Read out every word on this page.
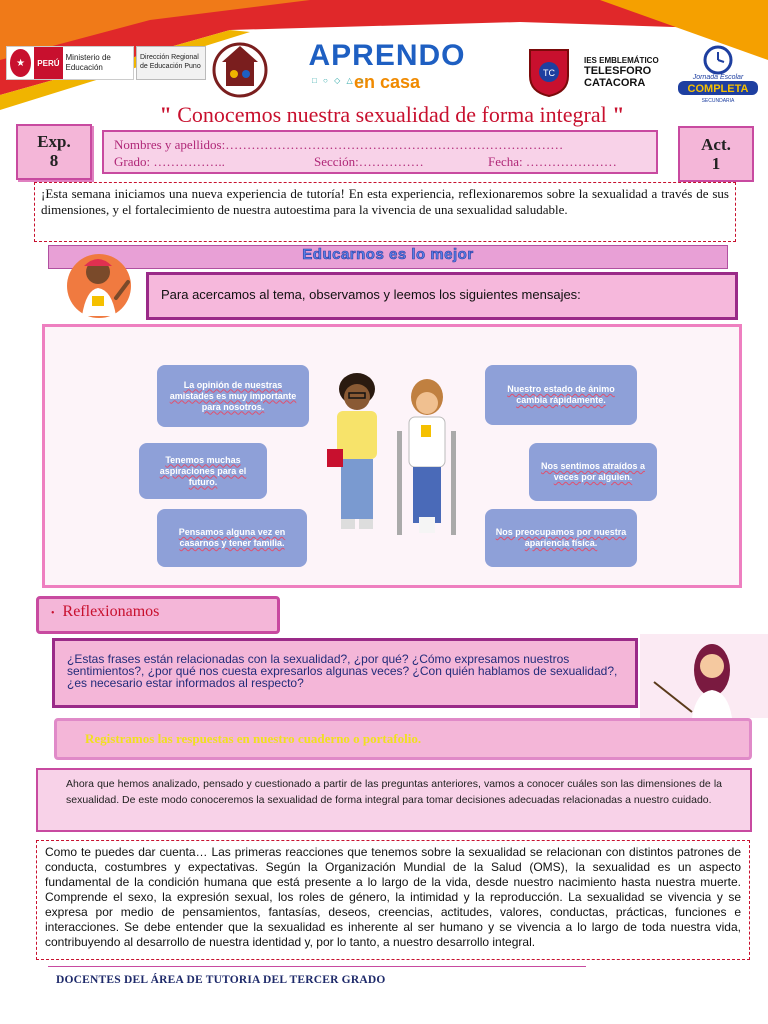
★	PERÚ
Ministerio de Educación
Dirección Regional de Educación Puno	APRENDO
en casa
□ ○ ◇ △ ○
TC
IES EMBLEMÁTICO
TELESFORO
CATACORA	Jornada Escolar
COMPLETA
SECUNDARIA
" Conocemos nuestra sexualidad de forma integral "
Exp.
8
Nombres y apellidos:……………………………………………………………………
Grado: ……………..	Sección:……………	Fecha: …………………
Act.
1
¡Esta semana iniciamos una nueva experiencia de tutoría! En esta experiencia, reflexionaremos sobre la sexualidad a través de sus dimensiones, y el fortalecimiento de nuestra autoestima para la vivencia de una sexualidad saludable.
Educarnos es lo mejor
Para acercamos al tema, observamos y leemos los siguientes mensajes:
La opinión de nuestras amistades es muy importante para nosotros.
Tenemos muchas aspiraciones para el futuro.
Pensamos alguna vez en casarnos y tener familia.
Nuestro estado de ánimo cambia rápidamente.
Nos sentimos atraídos a veces por alguien.
Nos preocupamos por nuestra apariencia física.
• Reflexionamos
¿Estas frases están relacionadas con la sexualidad?, ¿por qué? ¿Cómo expresamos nuestros sentimientos?, ¿por qué nos cuesta expresarlos algunas veces? ¿Con quién hablamos de sexualidad?, ¿es necesario estar informados al respecto?
Registramos las respuestas en nuestro cuaderno o portafolio.
Ahora que hemos analizado, pensado y cuestionado a partir de las preguntas anteriores, vamos a conocer cuáles son las dimensiones de la sexualidad. De este modo conoceremos la sexualidad de forma integral para tomar decisiones adecuadas relacionadas a nuestro cuidado.
Como te puedes dar cuenta… Las primeras reacciones que tenemos sobre la sexualidad se relacionan con distintos patrones de conducta, costumbres y expectativas. Según la Organización Mundial de la Salud (OMS), la sexualidad es un aspecto fundamental de la condición humana que está presente a lo largo de la vida, desde nuestro nacimiento hasta nuestra muerte. Comprende el sexo, la expresión sexual, los roles de género, la intimidad y la reproducción. La sexualidad se vivencia y se expresa por medio de pensamientos, fantasías, deseos, creencias, actitudes, valores, conductas, prácticas, funciones e interacciones. Se debe entender que la sexualidad es inherente al ser humano y se vivencia a lo largo de toda nuestra vida, contribuyendo al desarrollo de nuestra identidad y, por lo tanto, a nuestro desarrollo integral.
DOCENTES DEL ÁREA DE TUTORIA DEL TERCER GRADO
